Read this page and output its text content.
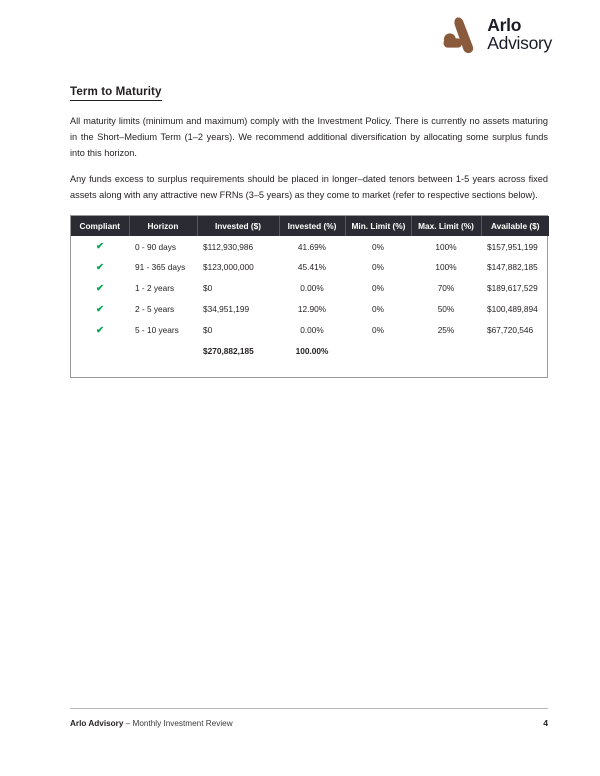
Arlo
Advisory
Term to Maturity

All maturity limits (minimum and maximum) comply with the Investment Policy. There is currently no assets maturing in the Short–Medium Term (1–2 years). We recommend additional diversification by allocating some surplus funds into this horizon.

Any funds excess to surplus requirements should be placed in longer–dated tenors between 1-5 years across fixed assets along with any attractive new FRNs (3–5 years) as they come to market (refer to respective sections below).

Compliant	Horizon	Invested ($)	Invested (%)	Min. Limit (%)	Max. Limit (%)	Available ($)
✔	0 - 90 days	$112,930,986	41.69%	0%	100%	$157,951,199
✔	91 - 365 days	$123,000,000	45.41%	0%	100%	$147,882,185
✔	1 - 2 years	$0	0.00%	0%	70%	$189,617,529
✔	2 - 5 years	$34,951,199	12.90%	0%	50%	$100,489,894
✔	5 - 10 years	$0	0.00%	0%	25%	$67,720,546
		$270,882,185	100.00%			
Arlo Advisory – Monthly Investment Review	4
